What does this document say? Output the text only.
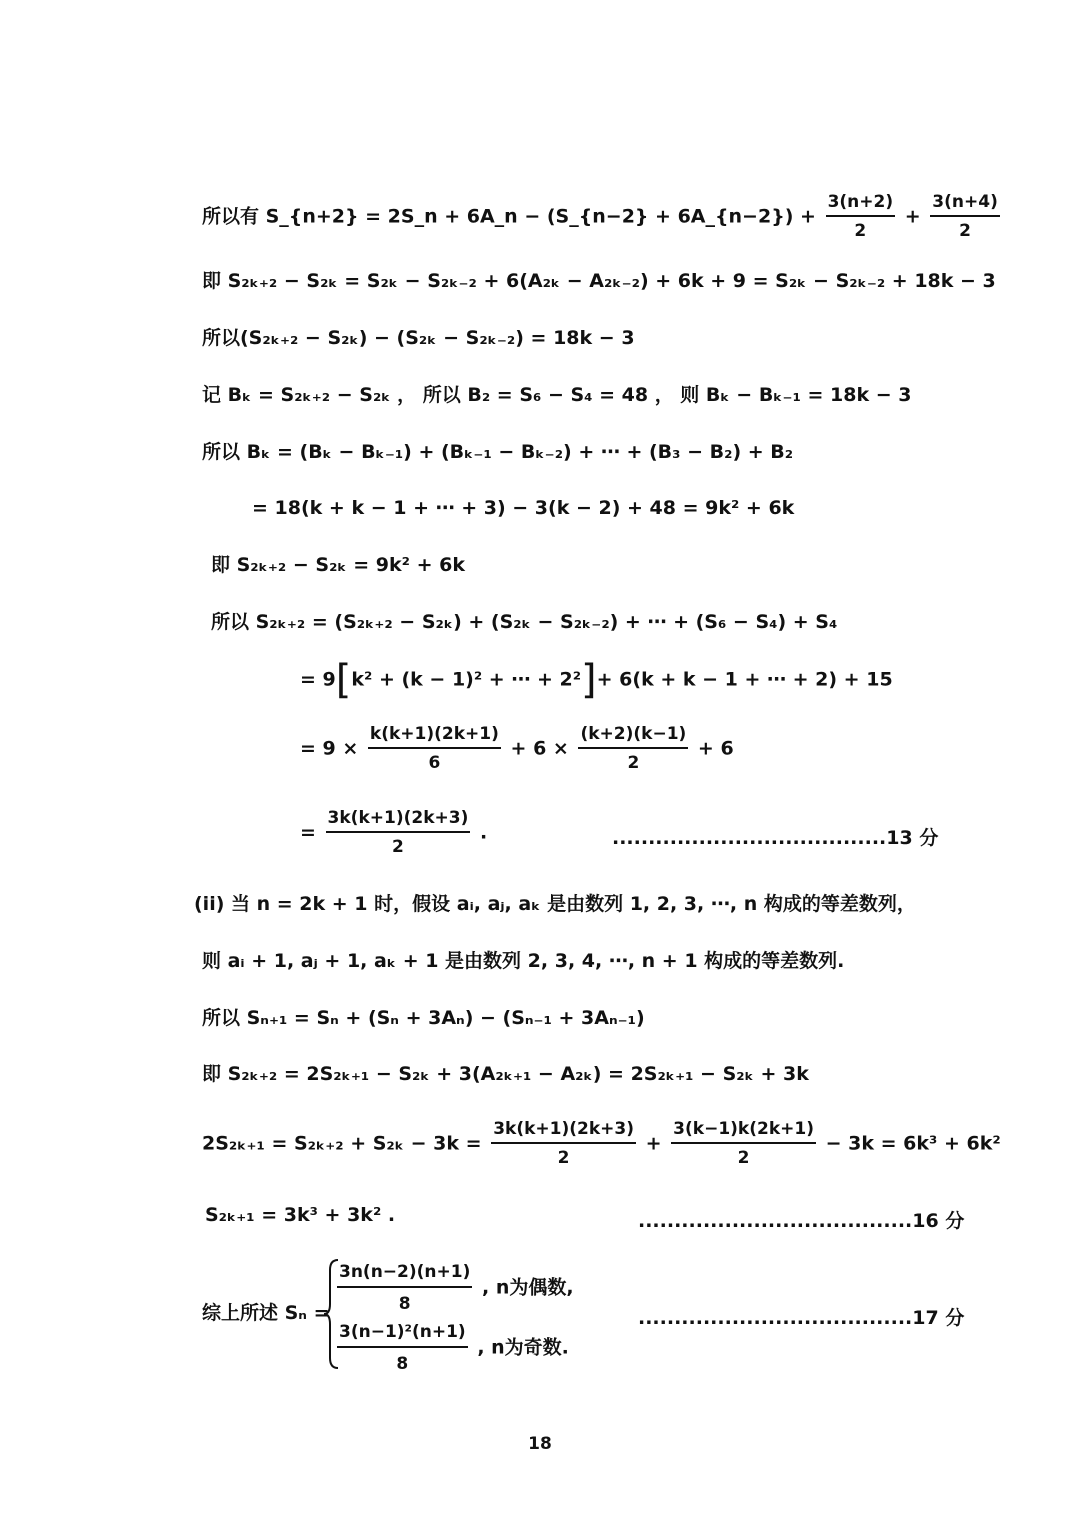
所以有 S_{n+2} = 2S_n + 6A_n − (S_{n−2} + 6A_{n−2}) + $\frac{3(n+2)}{2} + \frac{3(n+4)}{2}$
即 S₂ₖ₊₂ − S₂ₖ = S₂ₖ − S₂ₖ₋₂ + 6(A₂ₖ − A₂ₖ₋₂) + 6k + 9 = S₂ₖ − S₂ₖ₋₂ + 18k − 3
所以(S₂ₖ₊₂ − S₂ₖ) − (S₂ₖ − S₂ₖ₋₂) = 18k − 3
记 Bₖ = S₂ₖ₊₂ − S₂ₖ ， 所以 B₂ = S₆ − S₄ = 48 ， 则 Bₖ − Bₖ₋₁ = 18k − 3
所以 Bₖ = (Bₖ − Bₖ₋₁) + (Bₖ₋₁ − Bₖ₋₂) + ⋯ + (B₃ − B₂) + B₂
= 18(k + k − 1 + ⋯ + 3) − 3(k − 2) + 48 = 9k² + 6k
即 S₂ₖ₊₂ − S₂ₖ = 9k² + 6k
所以 S₂ₖ₊₂ = (S₂ₖ₊₂ − S₂ₖ) + (S₂ₖ − S₂ₖ₋₂) + ⋯ + (S₆ − S₄) + S₄
= 9[k² + (k − 1)² + ⋯ + 2²]+ 6(k + k − 1 + ⋯ + 2) + 15
= $9 \times \frac{k(k+1)(2k+1)}{6} + 6 \times \frac{(k+2)(k-1)}{2} + 6$
= $\frac{3k(k+1)(2k+3)}{2}$ .	......................................13 分
(ii) 当 n = 2k + 1 时，假设 aᵢ, aⱼ, aₖ 是由数列 1, 2, 3, ⋯, n 构成的等差数列，
则 aᵢ + 1, aⱼ + 1, aₖ + 1 是由数列 2, 3, 4, ⋯, n + 1 构成的等差数列.
所以 Sₙ₊₁ = Sₙ + (Sₙ + 3Aₙ) − (Sₙ₋₁ + 3Aₙ₋₁)
即 S₂ₖ₊₂ = 2S₂ₖ₊₁ − S₂ₖ + 3(A₂ₖ₊₁ − A₂ₖ) = 2S₂ₖ₊₁ − S₂ₖ + 3k
$2S_{2k+1} = S_{2k+2} + S_{2k} - 3k = \frac{3k(k+1)(2k+3)}{2} + \frac{3(k-1)k(2k+1)}{2} - 3k = 6k^3 + 6k^2$
S₂ₖ₊₁ = 3k³ + 3k² .	......................................16 分
综上所述 $S_n = \frac{3n(n-2)(n+1)}{8}$ , n为偶数,
$\frac{\text{3(n−1)²(n+1)}}{8}$ , n为奇数.
......................................17 分
18
